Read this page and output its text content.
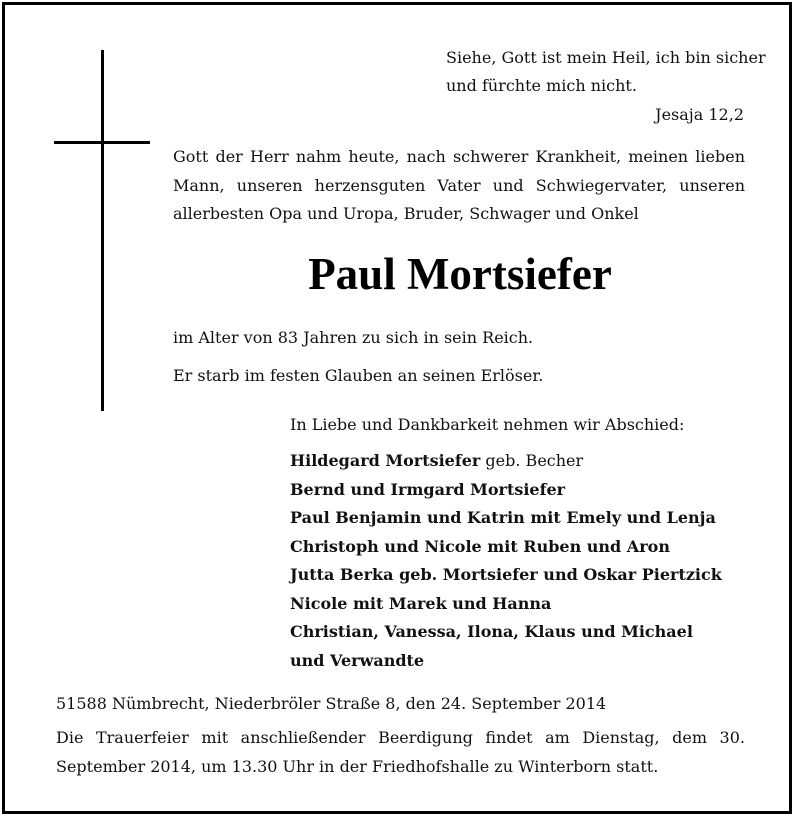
Siehe, Gott ist mein Heil, ich bin sicher
und fürchte mich nicht.
Jesaja 12,2
Gott der Herr nahm heute, nach schwerer Krankheit, meinen lieben Mann, unseren herzensguten Vater und Schwiegervater, unseren allerbesten Opa und Uropa, Bruder, Schwager und Onkel
Paul Mortsiefer
im Alter von 83 Jahren zu sich in sein Reich.
Er starb im festen Glauben an seinen Erlöser.
In Liebe und Dankbarkeit nehmen wir Abschied:
Hildegard Mortsiefer geb. Becher
Bernd und Irmgard Mortsiefer
Paul Benjamin und Katrin mit Emely und Lenja
Christoph und Nicole mit Ruben und Aron
Jutta Berka geb. Mortsiefer und Oskar Piertzick
Nicole mit Marek und Hanna
Christian, Vanessa, Ilona, Klaus und Michael
und Verwandte
51588 Nümbrecht, Niederbröler Straße 8, den 24. September 2014
Die Trauerfeier mit anschließender Beerdigung findet am Dienstag, dem 30. September 2014, um 13.30 Uhr in der Friedhofshalle zu Winterborn statt.
